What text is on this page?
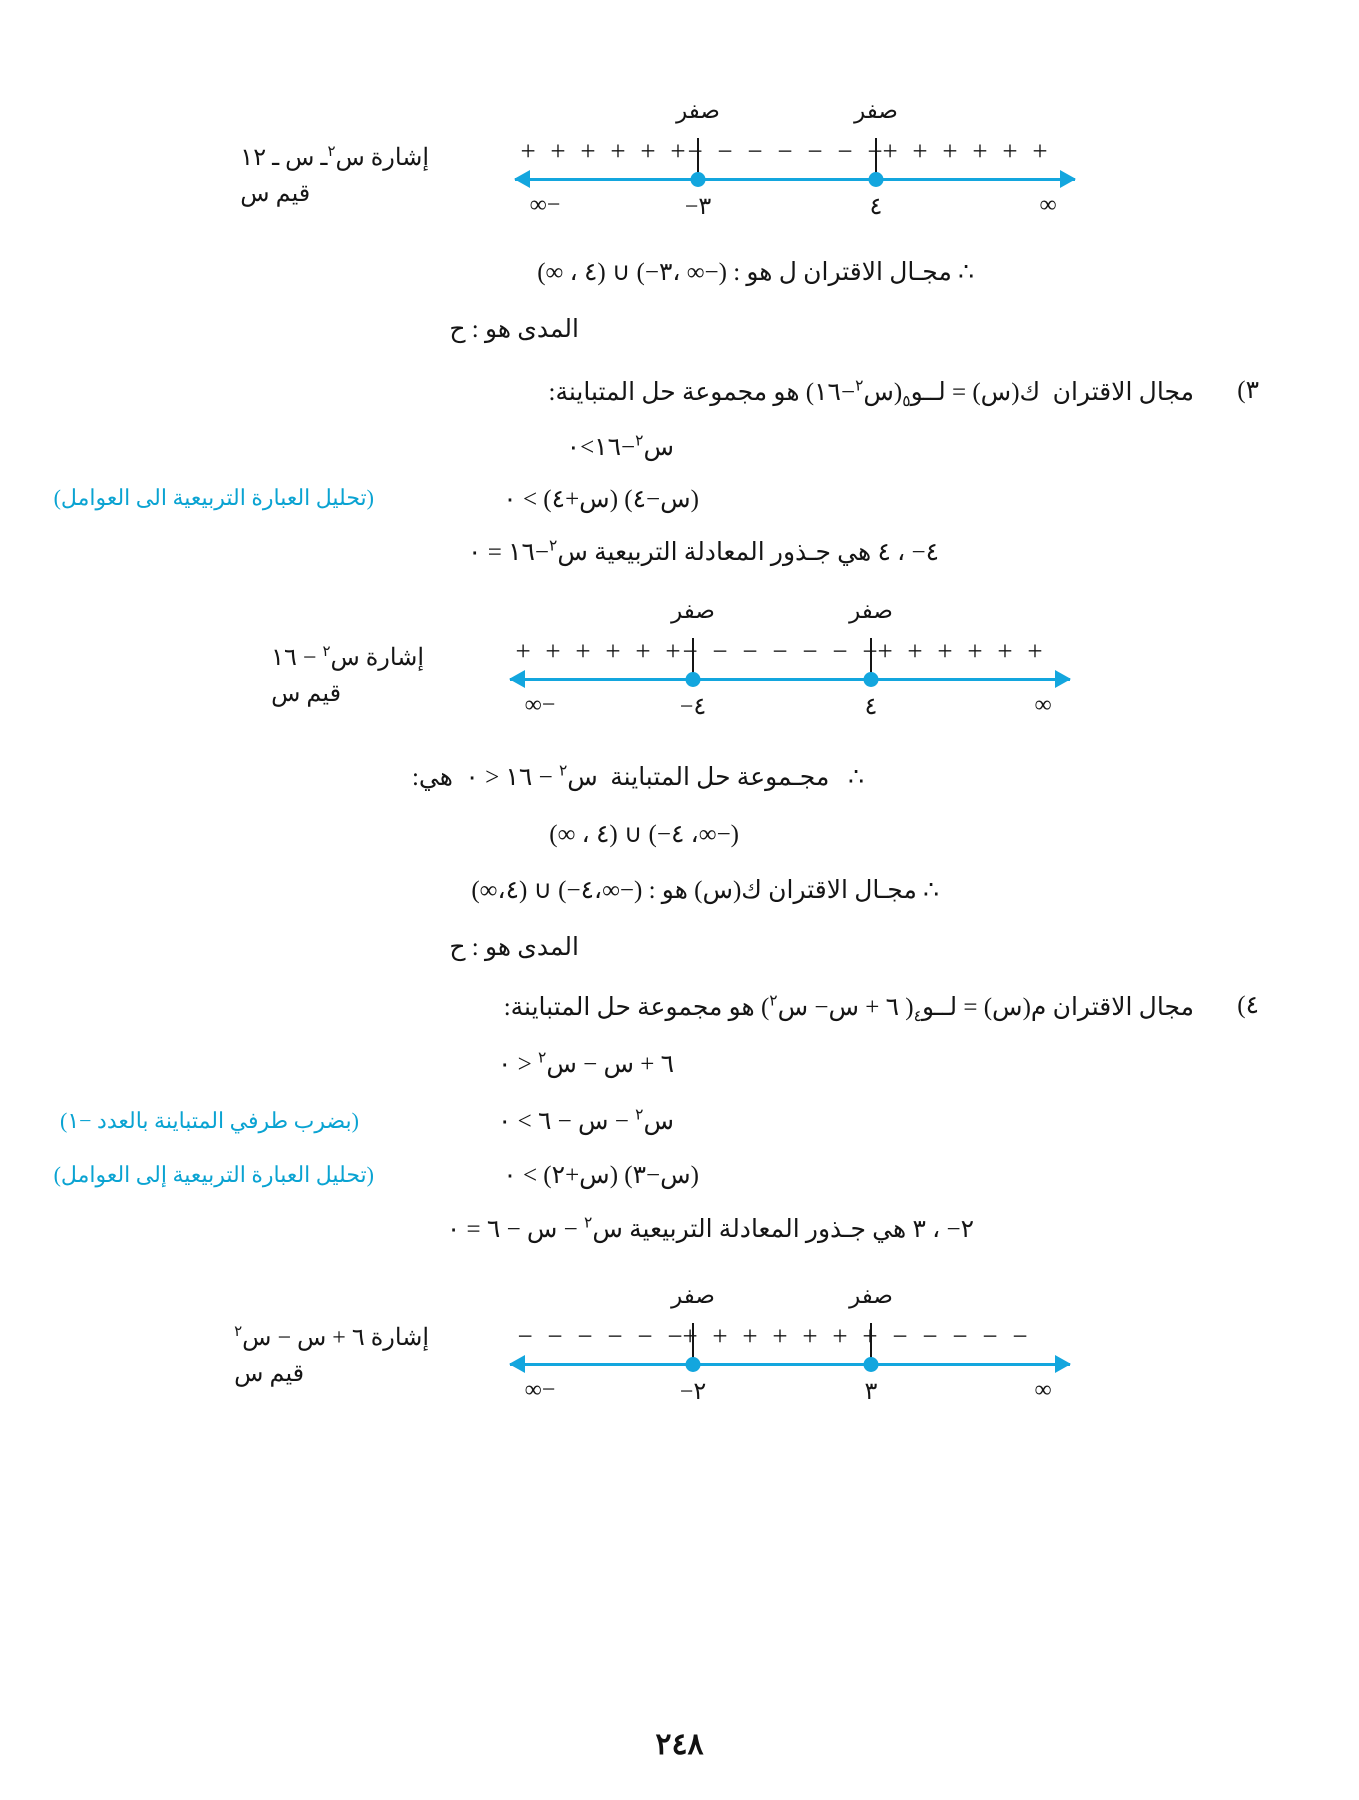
صفر	صفر
٣−	٤
−∞	∞
+ + + + + +
− − − − − − −
+ + + + + +
إشارة س$^٢$ـ س ـ ١٢
قيم س
∴ مجـال الاقتران ل هو : (−∞ ،٣−) ∪ (٤ ، ∞)
المدى هو : ح
٣)
مجال الاقتران  ك(س) = لــو$_٥$(س$^٢$−١٦) هو مجموعة حل المتباينة:
س$^٢$−١٦>٠
(س−٤) (س+٤) > ٠
(تحليل العبارة التربيعية الى العوامل)
٤− ، ٤ هي جـذور المعادلة التربيعية س$^٢$−١٦ = ٠
صفر	صفر
٤−	٤
−∞	∞
+ + + + + +
− − − − − − −
+ + + + + +
إشارة س$^٢$ − ١٦
قيم س
∴   مجـموعة حل المتباينة  س$^٢$ − ١٦ < ٠  هي:
(−∞، ٤−) ∪ (٤ ، ∞)
∴ مجـال الاقتران ك(س) هو : (−∞،٤−) ∪ (٤،∞)
المدى هو : ح
٤)
مجال الاقتران م(س) = لــو$_٤$( ٦ + س− س$^٢$) هو مجموعة حل المتباينة:
٦ + س − س$^٢$ < ٠
س$^٢$ − س − ٦ > ٠
(بضرب طرفي المتباينة بالعدد −١)
(س−٣) (س+٢) > ٠
(تحليل العبارة التربيعية إلى العوامل)
٢− ، ٣ هي جـذور المعادلة التربيعية س$^٢$ − س − ٦ = ٠
صفر	صفر
٢−	٣
−∞	∞
− − − − − −
+ + + + + + + − − − − −
إشارة ٦ + س − س$^٢$
قيم س
٢٤٨
